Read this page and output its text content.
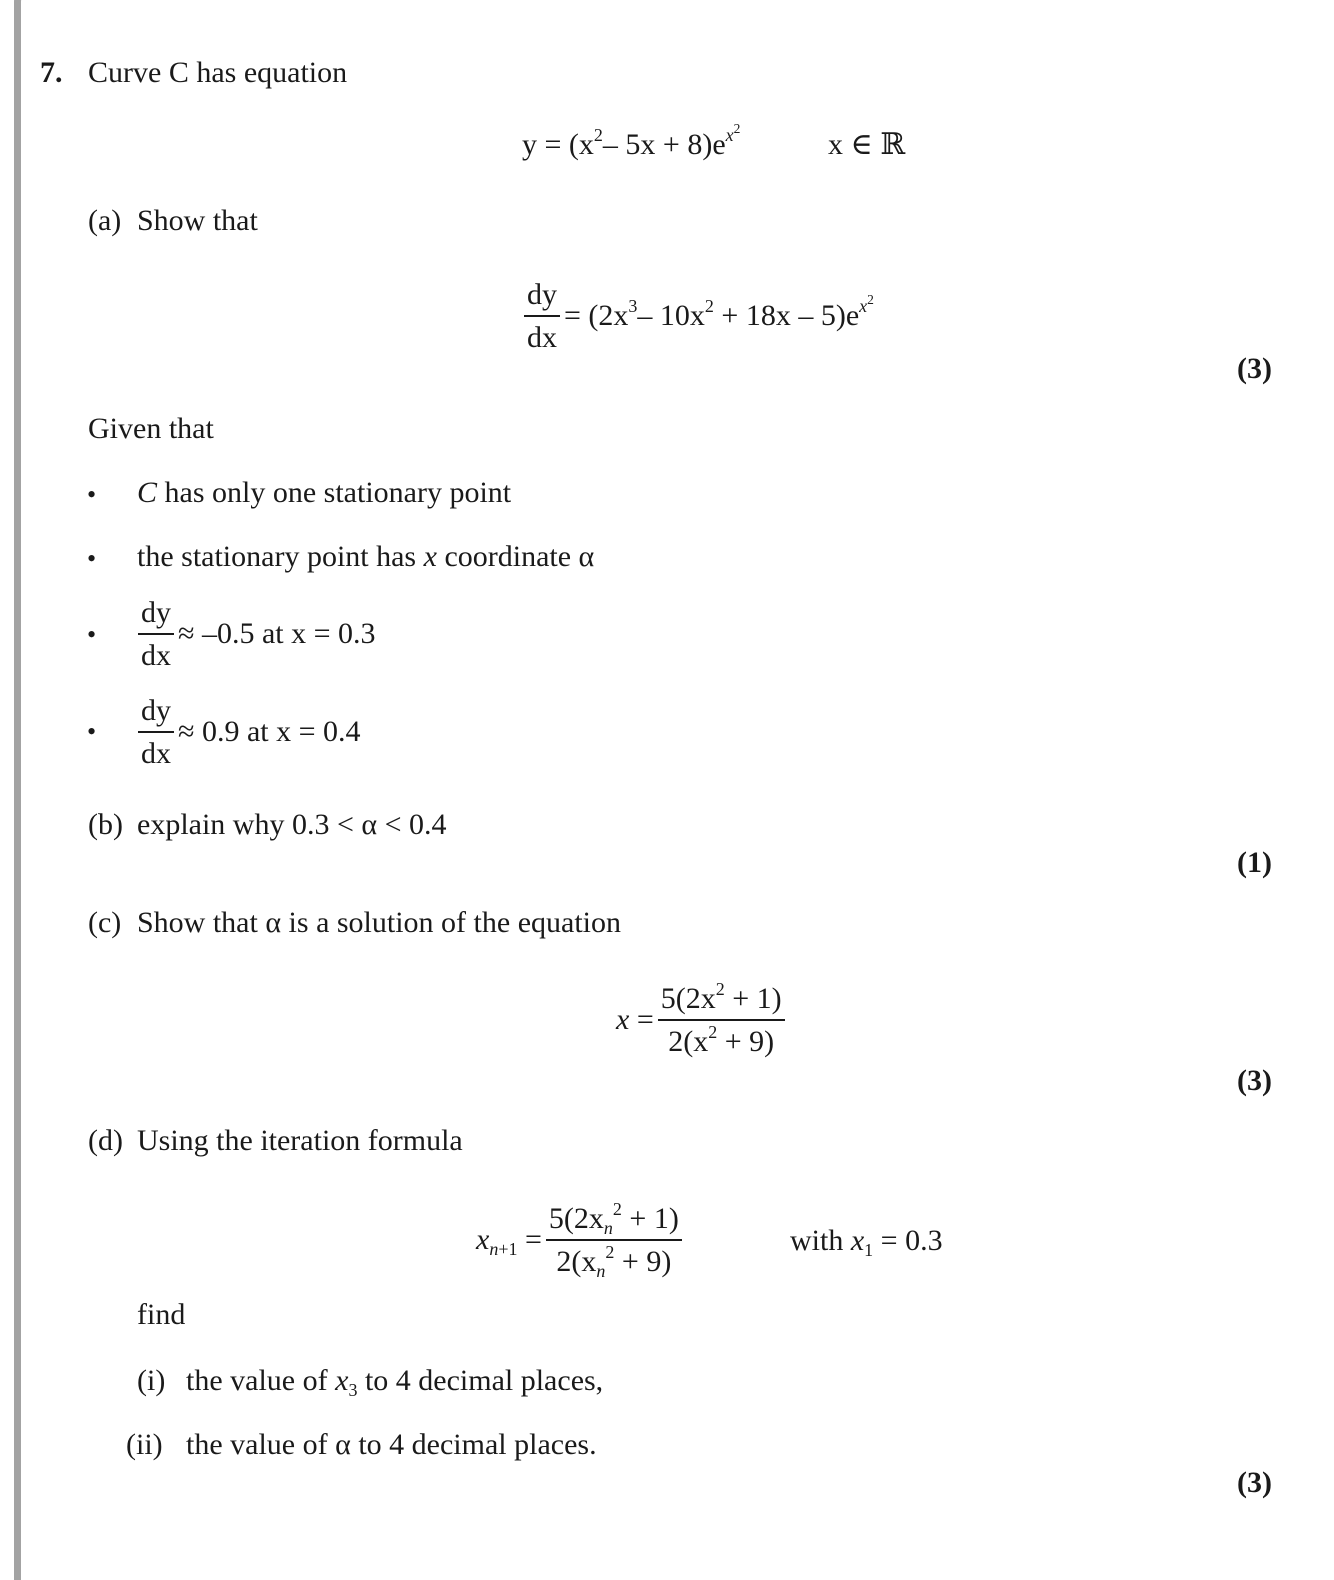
7. Curve C has equation
$y = (x^2-$ $5x + 8)e^{x^2}$	x ∈ ℝ
(a) Show that
$\frac{dy}{dx} = (2x^3-$ $10x^2 + 18x - 5)e^{x^2}$
(3)
Given that
• C has only one stationary point
• the stationary point has x coordinate α
• $\frac{dy}{dx} \approx -0.5$ at x = 0.3
• $\frac{dy}{dx} \approx 0.9$ at x = 0.4
(b) explain why 0.3 < α < 0.4
(1)
(c) Show that α is a solution of the equation
$x = \frac{5(2x^2 + 1)}{2(x^2 + 9)}$
(3)
(d) Using the iteration formula
$x_{n+1} = \frac{5(2x_n^2 + 1)}{2(x_n^2 + 9)}$	with $x_1 = 0.3$
find
(i) the value of $x_3$ to 4 decimal places,
(ii) the value of α to 4 decimal places.
(3)
